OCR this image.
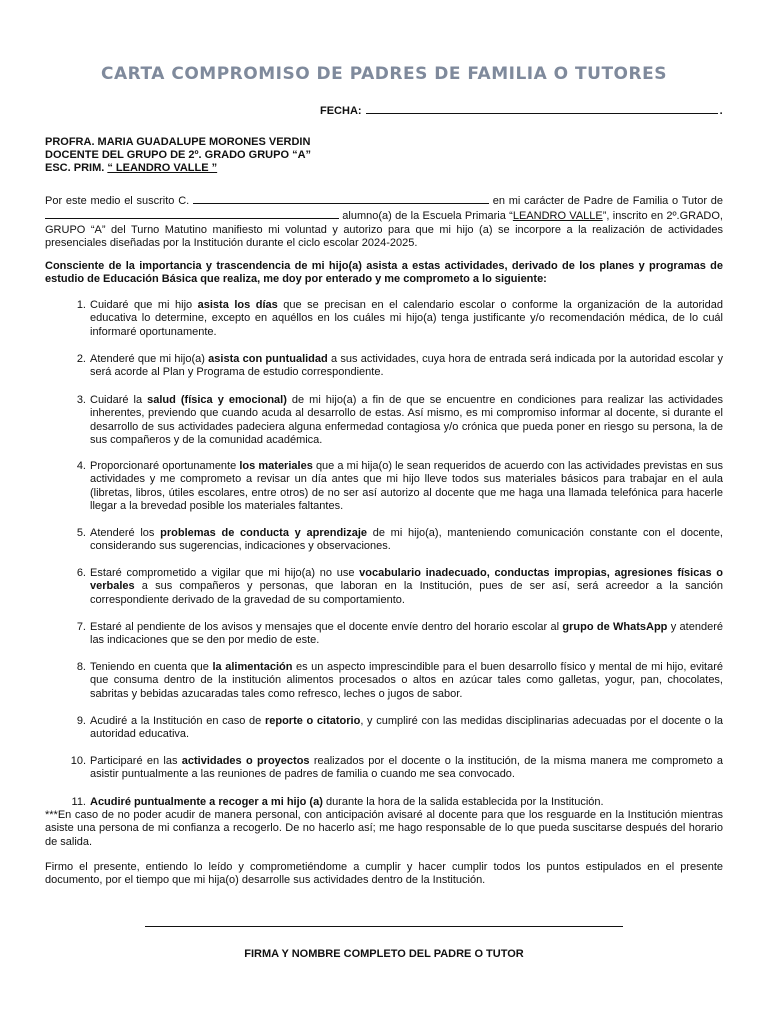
CARTA COMPROMISO DE PADRES DE FAMILIA O TUTORES
FECHA:	.
PROFRA. MARIA GUADALUPE MORONES VERDIN
DOCENTE DEL GRUPO DE 2º. GRADO GRUPO “A”
ESC. PRIM. “ LEANDRO VALLE ”
Por este medio el suscrito C.	en mi carácter de Padre de Familia o Tutor de  alumno(a) de la Escuela Primaria “LEANDRO VALLE”, inscrito en 2º.GRADO, GRUPO “A” del Turno Matutino manifiesto mi voluntad y autorizo para que mi hijo (a) se incorpore a la realización de actividades presenciales diseñadas por la Institución durante el ciclo escolar 2024-2025.
Consciente de la importancia y trascendencia de mi hijo(a) asista a estas actividades, derivado de los planes y programas de estudio de Educación Básica que realiza, me doy por enterado y me comprometo a lo siguiente:
1. Cuidaré que mi hijo asista los días que se precisan en el calendario escolar o conforme la organización de la autoridad educativa lo determine, excepto en aquéllos en los cuáles mi hijo(a) tenga justificante y/o recomendación médica, de lo cuál informaré oportunamente.
2. Atenderé que mi hijo(a) asista con puntualidad a sus actividades, cuya hora de entrada será indicada por la autoridad escolar y será acorde al Plan y Programa de estudio correspondiente.
3. Cuidaré la salud (física y emocional) de mi hijo(a) a fin de que se encuentre en condiciones para realizar las actividades inherentes, previendo que cuando acuda al desarrollo de estas. Así mismo, es mi compromiso informar al docente, si durante el desarrollo de sus actividades padeciera alguna enfermedad contagiosa y/o crónica que pueda poner en riesgo su persona, la de sus compañeros y de la comunidad académica.
4. Proporcionaré oportunamente los materiales que a mi hija(o) le sean requeridos de acuerdo con las actividades previstas en sus actividades y me comprometo a revisar un día antes que mi hijo lleve todos sus materiales básicos para trabajar en el aula (libretas, libros, útiles escolares, entre otros) de no ser así autorizo al docente que me haga una llamada telefónica para hacerle llegar a la brevedad posible los materiales faltantes.
5. Atenderé los problemas de conducta y aprendizaje de mi hijo(a), manteniendo comunicación constante con el docente, considerando sus sugerencias, indicaciones y observaciones.
6. Estaré comprometido a vigilar que mi hijo(a) no use vocabulario inadecuado, conductas impropias, agresiones físicas o verbales a sus compañeros y personas, que laboran en la Institución, pues de ser así, será acreedor a la sanción correspondiente derivado de la gravedad de su comportamiento.
7. Estaré al pendiente de los avisos y mensajes que el docente envíe dentro del horario escolar al grupo de WhatsApp y atenderé las indicaciones que se den por medio de este.
8. Teniendo en cuenta que la alimentación es un aspecto imprescindible para el buen desarrollo físico y mental de mi hijo, evitaré que consuma dentro de la institución alimentos procesados o altos en azúcar tales como galletas, yogur, pan, chocolates, sabritas y bebidas azucaradas tales como refresco, leches o jugos de sabor.
9. Acudiré a la Institución en caso de reporte o citatorio, y cumpliré con las medidas disciplinarias adecuadas por el docente o la autoridad educativa.
10. Participaré en las actividades o proyectos realizados por el docente o la institución, de la misma manera me comprometo a asistir puntualmente a las reuniones de padres de familia o cuando me sea convocado.
11. Acudiré puntualmente a recoger a mi hijo (a) durante la hora de la salida establecida por la Institución.
***En caso de no poder acudir de manera personal, con anticipación avisaré al docente para que los resguarde en la Institución mientras asiste una persona de mi confianza a recogerlo. De no hacerlo así; me hago responsable de lo que pueda suscitarse después del horario de salida.
Firmo el presente, entiendo lo leído y comprometiéndome a cumplir y hacer cumplir todos los puntos estipulados en el presente documento, por el tiempo que mi hija(o) desarrolle sus actividades dentro de la Institución.
FIRMA Y NOMBRE COMPLETO DEL PADRE O TUTOR
